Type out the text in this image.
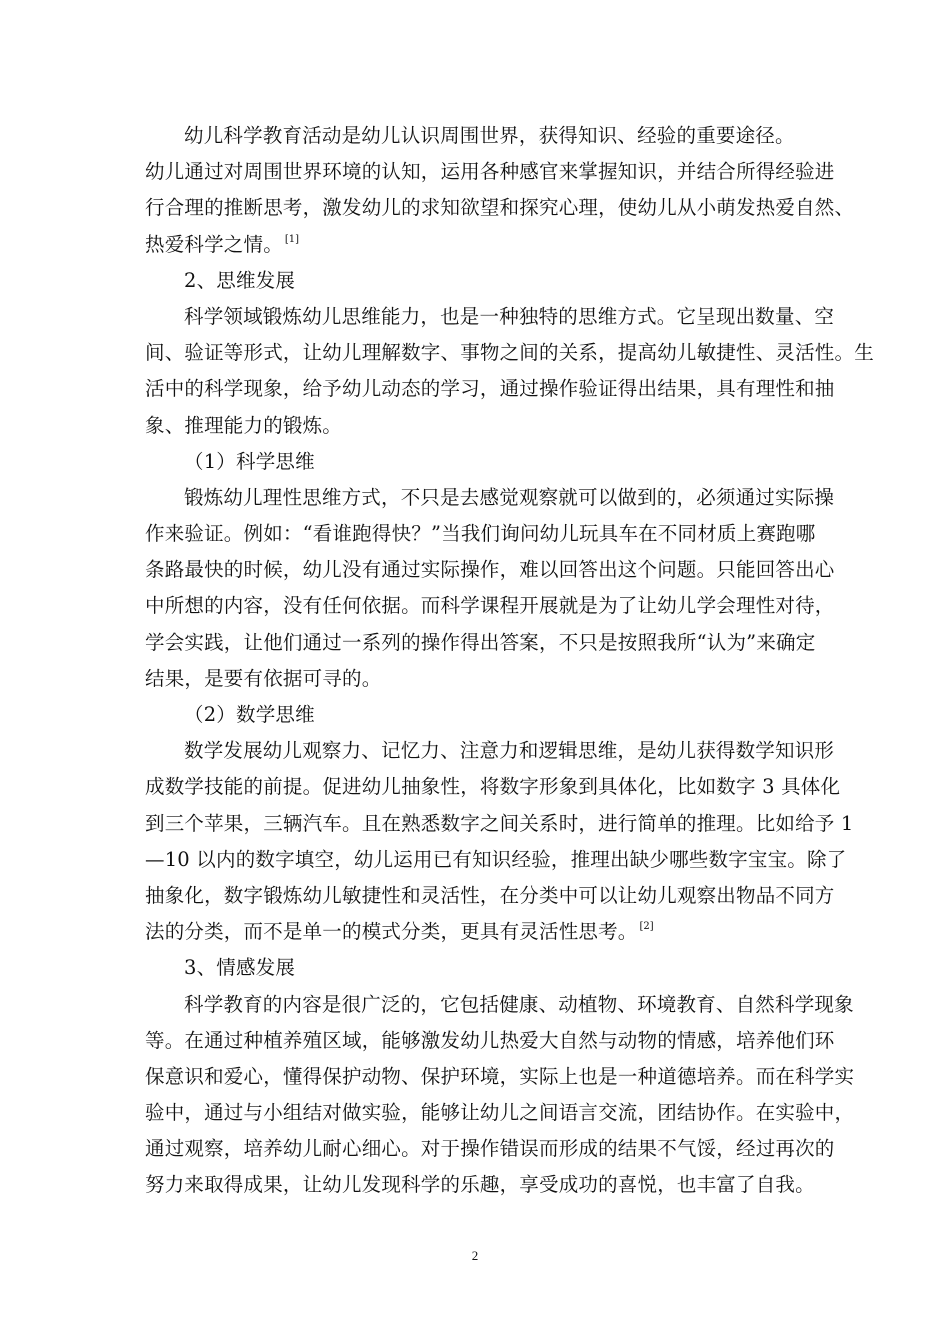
幼儿科学教育活动是幼儿认识周围世界，获得知识、经验的重要途径。
幼儿通过对周围世界环境的认知，运用各种感官来掌握知识，并结合所得经验进
行合理的推断思考，激发幼儿的求知欲望和探究心理，使幼儿从小萌发热爱自然、
热爱科学之情。 [1]
2、思维发展
科学领域锻炼幼儿思维能力，也是一种独特的思维方式。它呈现出数量、空
间、验证等形式，让幼儿理解数字、事物之间的关系，提高幼儿敏捷性、灵活性。生
活中的科学现象，给予幼儿动态的学习，通过操作验证得出结果，具有理性和抽
象、推理能力的锻炼。
（1）科学思维
锻炼幼儿理性思维方式，不只是去感觉观察就可以做到的，必须通过实际操
作来验证。例如：“看谁跑得快？”当我们询问幼儿玩具车在不同材质上赛跑哪
条路最快的时候，幼儿没有通过实际操作，难以回答出这个问题。只能回答出心
中所想的内容，没有任何依据。而科学课程开展就是为了让幼儿学会理性对待，
学会实践，让他们通过一系列的操作得出答案，不只是按照我所“认为”来确定
结果，是要有依据可寻的。
（2）数学思维
数学发展幼儿观察力、记忆力、注意力和逻辑思维，是幼儿获得数学知识形
成数学技能的前提。促进幼儿抽象性，将数字形象到具体化，比如数字 3 具体化
到三个苹果，三辆汽车。且在熟悉数字之间关系时，进行简单的推理。比如给予 1
—10 以内的数字填空，幼儿运用已有知识经验，推理出缺少哪些数字宝宝。除了
抽象化，数字锻炼幼儿敏捷性和灵活性，在分类中可以让幼儿观察出物品不同方
法的分类，而不是单一的模式分类，更具有灵活性思考。 [2]
3、情感发展
科学教育的内容是很广泛的，它包括健康、动植物、环境教育、自然科学现象
等。在通过种植养殖区域，能够激发幼儿热爱大自然与动物的情感，培养他们环
保意识和爱心，懂得保护动物、保护环境，实际上也是一种道德培养。而在科学实
验中，通过与小组结对做实验，能够让幼儿之间语言交流，团结协作。在实验中，
通过观察，培养幼儿耐心细心。对于操作错误而形成的结果不气馁，经过再次的
努力来取得成果，让幼儿发现科学的乐趣，享受成功的喜悦，也丰富了自我。
2
